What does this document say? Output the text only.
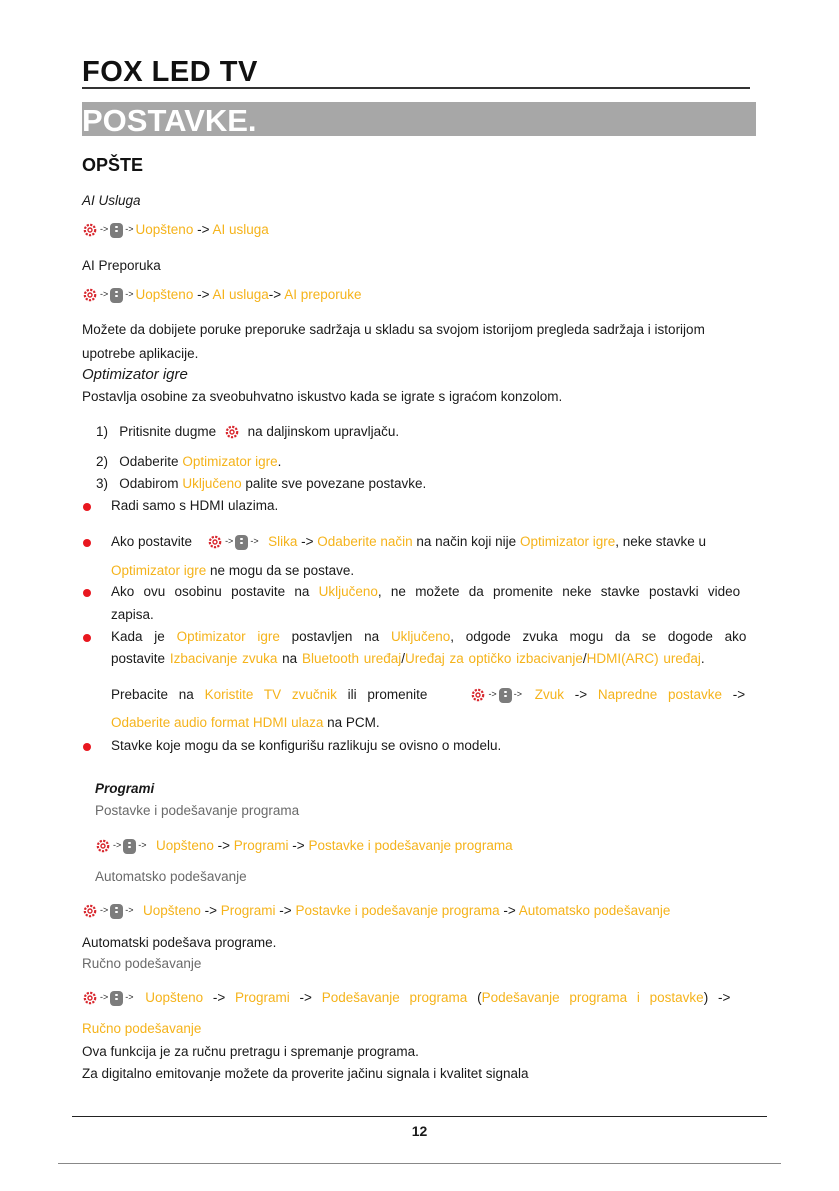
FOX LED TV
POSTAVKE.
OPŠTE
AI Usluga
-> -> Uopšteno -> AI usluga
AI Preporuka
-> -> Uopšteno -> AI usluga-> AI preporuke
Možete da dobijete poruke preporuke sadržaja u skladu sa svojom istorijom pregleda sadržaja i istorijom
upotrebe aplikacije.
Optimizator igre
Postavlja osobine za sveobuhvatno iskustvo kada se igrate s igraćom konzolom.
1) Pritisnite dugme na daljinskom upravljaču.
2) Odaberite Optimizator igre.
3) Odabirom Uključeno palite sve povezane postavke.
Radi samo s HDMI ulazima.
Ako postavite	-> -> Slika -> Odaberite način na način koji nije Optimizator igre, neke stavke u
Optimizator igre ne mogu da se postave.
Ako ovu osobinu postavite na Uključeno, ne možete da promenite neke stavke postavki video
zapisa.
Kada je Optimizator igre postavljen na Uključeno, odgode zvuka mogu da se dogode ako
postavite Izbacivanje zvuka na Bluetooth uređaj/Uređaj za optičko izbacivanje/HDMI(ARC) uređaj.
Prebacite na Koristite TV zvučnik ili promenite	-> -> Zvuk -> Napredne postavke ->
Odaberite audio format HDMI ulaza na PCM.
Stavke koje mogu da se konfigurišu razlikuju se ovisno o modelu.
Programi
Postavke i podešavanje programa
-> -> Uopšteno -> Programi -> Postavke i podešavanje programa
Automatsko podešavanje
-> -> Uopšteno -> Programi -> Postavke i podešavanje programa -> Automatsko podešavanje
Automatski podešava programe.
Ručno podešavanje
-> -> Uopšteno -> Programi -> Podešavanje programa (Podešavanje programa i postavke) ->
Ručno podešavanje
Ova funkcija je za ručnu pretragu i spremanje programa.
Za digitalno emitovanje možete da proverite jačinu signala i kvalitet signala
12
